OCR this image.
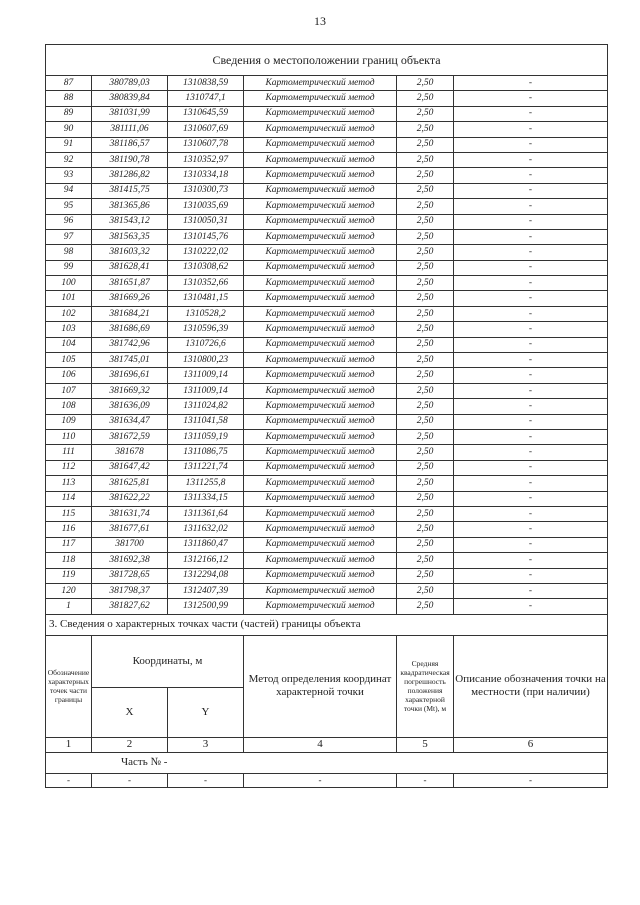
13
Сведения о местоположении границ объекта					
87	380789,03	1310838,59	Картометрический метод	2,50	-
88	380839,84	1310747,1	Картометрический метод	2,50	-
89	381031,99	1310645,59	Картометрический метод	2,50	-
90	381111,06	1310607,69	Картометрический метод	2,50	-
91	381186,57	1310607,78	Картометрический метод	2,50	-
92	381190,78	1310352,97	Картометрический метод	2,50	-
93	381286,82	1310334,18	Картометрический метод	2,50	-
94	381415,75	1310300,73	Картометрический метод	2,50	-
95	381365,86	1310035,69	Картометрический метод	2,50	-
96	381543,12	1310050,31	Картометрический метод	2,50	-
97	381563,35	1310145,76	Картометрический метод	2,50	-
98	381603,32	1310222,02	Картометрический метод	2,50	-
99	381628,41	1310308,62	Картометрический метод	2,50	-
100	381651,87	1310352,66	Картометрический метод	2,50	-
101	381669,26	1310481,15	Картометрический метод	2,50	-
102	381684,21	1310528,2	Картометрический метод	2,50	-
103	381686,69	1310596,39	Картометрический метод	2,50	-
104	381742,96	1310726,6	Картометрический метод	2,50	-
105	381745,01	1310800,23	Картометрический метод	2,50	-
106	381696,61	1311009,14	Картометрический метод	2,50	-
107	381669,32	1311009,14	Картометрический метод	2,50	-
108	381636,09	1311024,82	Картометрический метод	2,50	-
109	381634,47	1311041,58	Картометрический метод	2,50	-
110	381672,59	1311059,19	Картометрический метод	2,50	-
111	381678	1311086,75	Картометрический метод	2,50	-
112	381647,42	1311221,74	Картометрический метод	2,50	-
113	381625,81	1311255,8	Картометрический метод	2,50	-
114	381622,22	1311334,15	Картометрический метод	2,50	-
115	381631,74	1311361,64	Картометрический метод	2,50	-
116	381677,61	1311632,02	Картометрический метод	2,50	-
117	381700	1311860,47	Картометрический метод	2,50	-
118	381692,38	1312166,12	Картометрический метод	2,50	-
119	381728,65	1312294,08	Картометрический метод	2,50	-
120	381798,37	1312407,39	Картометрический метод	2,50	-
1	381827,62	1312500,99	Картометрический метод	2,50	-
3. Сведения о характерных точках части (частей) границы объекта					
Обозначение характерных точек части границы	Координаты, м		Метод определения координат характерной точки	Средняя квадратическая погрешность положения характерной точки (Mt), м	Описание обозначения точки на местности (при наличии)
	X	Y			
1	2	3	4	5	6
Часть № -					
-	-	-	-	-	-
